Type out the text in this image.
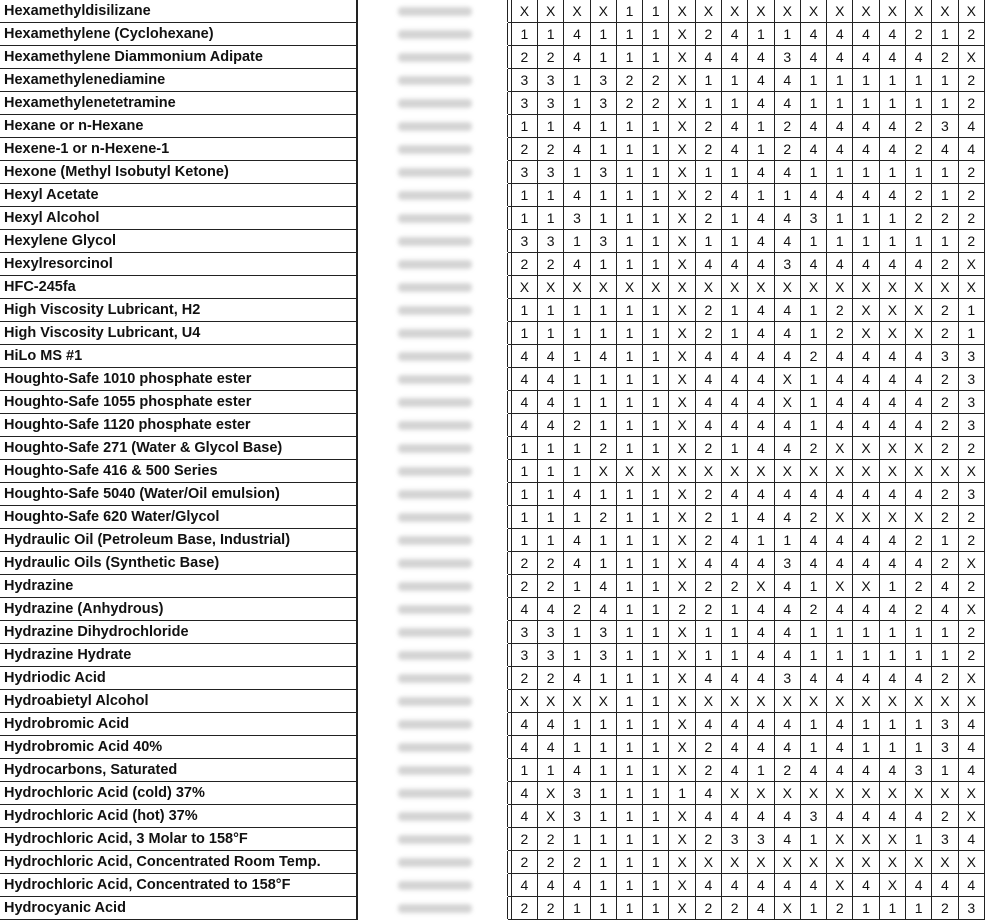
Hexamethyldisilizane			X	X	X	X	1	1	X	X	X	X	X	X	X	X	X	X	X	X
Hexamethylene (Cyclohexane)			1	1	4	1	1	1	X	2	4	1	1	4	4	4	4	2	1	2
Hexamethylene Diammonium Adipate			2	2	4	1	1	1	X	4	4	4	3	4	4	4	4	4	2	X
Hexamethylenediamine			3	3	1	3	2	2	X	1	1	4	4	1	1	1	1	1	1	2
Hexamethylenetetramine			3	3	1	3	2	2	X	1	1	4	4	1	1	1	1	1	1	2
Hexane or n-Hexane			1	1	4	1	1	1	X	2	4	1	2	4	4	4	4	2	3	4
Hexene-1 or n-Hexene-1			2	2	4	1	1	1	X	2	4	1	2	4	4	4	4	2	4	4
Hexone (Methyl Isobutyl Ketone)			3	3	1	3	1	1	X	1	1	4	4	1	1	1	1	1	1	2
Hexyl Acetate			1	1	4	1	1	1	X	2	4	1	1	4	4	4	4	2	1	2
Hexyl Alcohol			1	1	3	1	1	1	X	2	1	4	4	3	1	1	1	2	2	2
Hexylene Glycol			3	3	1	3	1	1	X	1	1	4	4	1	1	1	1	1	1	2
Hexylresorcinol			2	2	4	1	1	1	X	4	4	4	3	4	4	4	4	4	2	X
HFC-245fa			X	X	X	X	X	X	X	X	X	X	X	X	X	X	X	X	X	X
High Viscosity Lubricant, H2			1	1	1	1	1	1	X	2	1	4	4	1	2	X	X	X	2	1
High Viscosity Lubricant, U4			1	1	1	1	1	1	X	2	1	4	4	1	2	X	X	X	2	1
HiLo MS #1			4	4	1	4	1	1	X	4	4	4	4	2	4	4	4	4	3	3
Houghto-Safe 1010 phosphate ester			4	4	1	1	1	1	X	4	4	4	X	1	4	4	4	4	2	3
Houghto-Safe 1055 phosphate ester			4	4	1	1	1	1	X	4	4	4	X	1	4	4	4	4	2	3
Houghto-Safe 1120 phosphate ester			4	4	2	1	1	1	X	4	4	4	4	1	4	4	4	4	2	3
Houghto-Safe 271 (Water & Glycol Base)			1	1	1	2	1	1	X	2	1	4	4	2	X	X	X	X	2	2
Houghto-Safe 416 & 500 Series			1	1	1	X	X	X	X	X	X	X	X	X	X	X	X	X	X	X
Houghto-Safe 5040 (Water/Oil emulsion)			1	1	4	1	1	1	X	2	4	4	4	4	4	4	4	4	2	3
Houghto-Safe 620 Water/Glycol			1	1	1	2	1	1	X	2	1	4	4	2	X	X	X	X	2	2
Hydraulic Oil (Petroleum Base, Industrial)			1	1	4	1	1	1	X	2	4	1	1	4	4	4	4	2	1	2
Hydraulic Oils (Synthetic Base)			2	2	4	1	1	1	X	4	4	4	3	4	4	4	4	4	2	X
Hydrazine			2	2	1	4	1	1	X	2	2	X	4	1	X	X	1	2	4	2
Hydrazine (Anhydrous)			4	4	2	4	1	1	2	2	1	4	4	2	4	4	4	2	4	X
Hydrazine Dihydrochloride			3	3	1	3	1	1	X	1	1	4	4	1	1	1	1	1	1	2
Hydrazine Hydrate			3	3	1	3	1	1	X	1	1	4	4	1	1	1	1	1	1	2
Hydriodic Acid			2	2	4	1	1	1	X	4	4	4	3	4	4	4	4	4	2	X
Hydroabietyl Alcohol			X	X	X	X	1	1	X	X	X	X	X	X	X	X	X	X	X	X
Hydrobromic Acid			4	4	1	1	1	1	X	4	4	4	4	1	4	1	1	1	3	4
Hydrobromic Acid 40%			4	4	1	1	1	1	X	2	4	4	4	1	4	1	1	1	3	4
Hydrocarbons, Saturated			1	1	4	1	1	1	X	2	4	1	2	4	4	4	4	3	1	4
Hydrochloric Acid (cold) 37%			4	X	3	1	1	1	1	4	X	X	X	X	X	X	X	X	X	X
Hydrochloric Acid (hot) 37%			4	X	3	1	1	1	X	4	4	4	4	3	4	4	4	4	2	X
Hydrochloric Acid, 3 Molar to 158°F			2	2	1	1	1	1	X	2	3	3	4	1	X	X	X	1	3	4
Hydrochloric Acid, Concentrated Room Temp.			2	2	2	1	1	1	X	X	X	X	X	X	X	X	X	X	X	X
Hydrochloric Acid, Concentrated to 158°F			4	4	4	1	1	1	X	4	4	4	4	4	X	4	X	4	4	4
Hydrocyanic Acid			2	2	1	1	1	1	X	2	2	4	X	1	2	1	1	1	2	3
